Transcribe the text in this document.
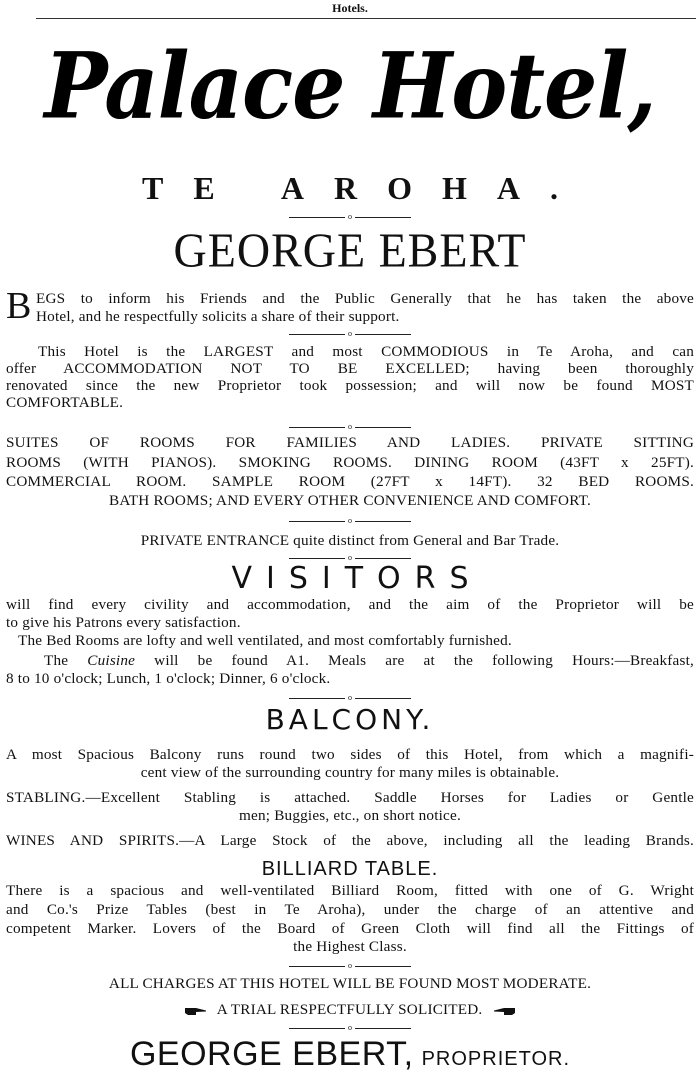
Hotels.
Palace Hotel,
TE AROHA.
o
GEORGE EBERT
B EGS to inform his Friends and the Public Generally that he has taken the above
Hotel, and he respectfully solicits a share of their support.
o
This Hotel is the LARGEST and most COMMODIOUS in Te Aroha, and can
offer ACCOMMODATION NOT TO BE EXCELLED; having been thoroughly
renovated since the new Proprietor took possession; and will now be found MOST
COMFORTABLE.
o
SUITES OF ROOMS FOR FAMILIES AND LADIES. PRIVATE SITTING
ROOMS (WITH PIANOS). SMOKING ROOMS. DINING ROOM (43FT x 25FT).
COMMERCIAL ROOM. SAMPLE ROOM (27FT x 14FT). 32 BED ROOMS.
BATH ROOMS; AND EVERY OTHER CONVENIENCE AND COMFORT.
o
PRIVATE ENTRANCE quite distinct from General and Bar Trade.
o
VISITORS
will find every civility and accommodation, and the aim of the Proprietor will be
to give his Patrons every satisfaction.
The Bed Rooms are lofty and well ventilated, and most comfortably furnished.
The Cuisine will be found A1. Meals are at the following Hours:—Breakfast,
8 to 10 o'clock; Lunch, 1 o'clock; Dinner, 6 o'clock.
o
BALCONY.
A most Spacious Balcony runs round two sides of this Hotel, from which a magnifi-
cent view of the surrounding country for many miles is obtainable.
STABLING.—Excellent Stabling is attached. Saddle Horses for Ladies or Gentle
men; Buggies, etc., on short notice.
WINES AND SPIRITS.—A Large Stock of the above, including all the leading Brands.
BILLIARD TABLE.
There is a spacious and well-ventilated Billiard Room, fitted with one of G. Wright
and Co.'s Prize Tables (best in Te Aroha), under the charge of an attentive and
competent Marker. Lovers of the Board of Green Cloth will find all the Fittings of
the Highest Class.
o
ALL CHARGES AT THIS HOTEL WILL BE FOUND MOST MODERATE.
A TRIAL RESPECTFULLY SOLICITED.
o
GEORGE EBERT, PROPRIETOR.
